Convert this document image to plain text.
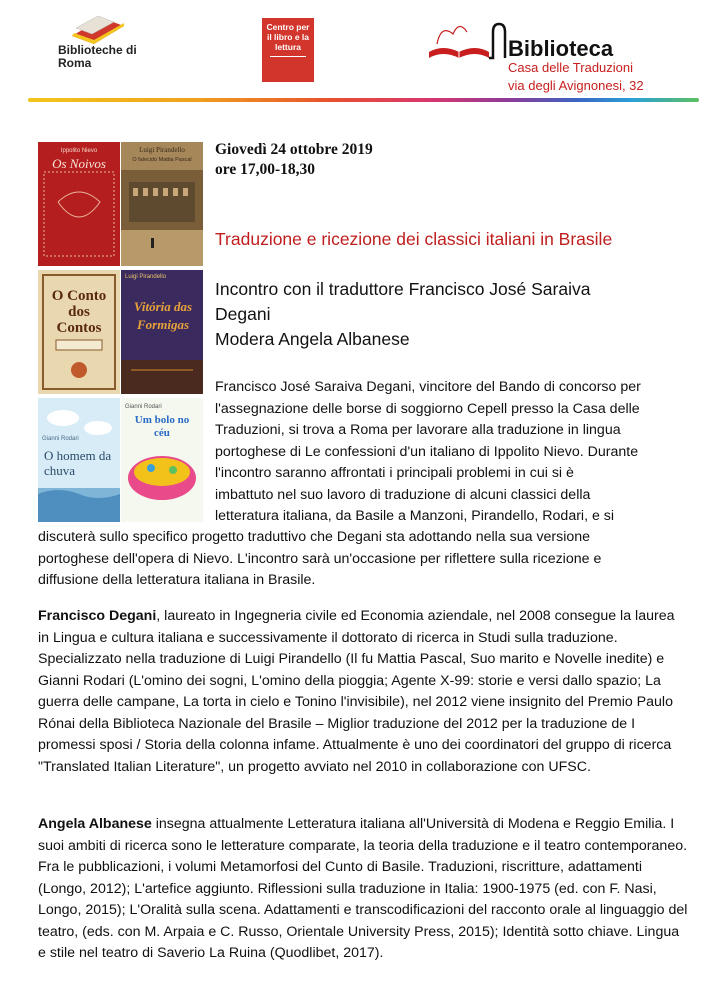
Biblioteche di Roma
Centro per il libro e la lettura	Biblioteca
Casa delle Traduzioni
via degli Avignonesi, 32
Ippolito Nievo
Os Noivos
Luigi Pirandello
O falecido Mattia Pascal
O Conto dos Contos
Luigi Pirandello
Vitória das Formigas
Gianni Rodari
O homem da chuva
Gianni Rodari
Um bolo no céu
Giovedì 24 ottobre 2019
ore 17,00-18,30
Traduzione e ricezione dei classici italiani in Brasile
Incontro con il traduttore Francisco José Saraiva
Degani
Modera Angela Albanese
Francisco José Saraiva Degani, vincitore del Bando di concorso per
l'assegnazione delle borse di soggiorno Cepell presso la Casa delle
Traduzioni, si trova a Roma per lavorare alla traduzione in lingua
portoghese di Le confessioni d'un italiano di Ippolito Nievo. Durante
l'incontro saranno affrontati i principali problemi in cui si è
imbattuto nel suo lavoro di traduzione di alcuni classici della
letteratura italiana, da Basile a Manzoni, Pirandello, Rodari, e si
discuterà sullo specifico progetto traduttivo che Degani sta adottando nella sua versione
portoghese dell'opera di Nievo. L'incontro sarà un'occasione per riflettere sulla ricezione e
diffusione della letteratura italiana in Brasile.
Francisco Degani, laureato in Ingegneria civile ed Economia aziendale, nel 2008 consegue la laurea in Lingua e cultura italiana e successivamente il dottorato di ricerca in Studi sulla traduzione. Specializzato nella traduzione di Luigi Pirandello (Il fu Mattia Pascal, Suo marito e Novelle inedite) e Gianni Rodari (L'omino dei sogni, L'omino della pioggia; Agente X-99: storie e versi dallo spazio; La guerra delle campane, La torta in cielo e Tonino l'invisibile), nel 2012 viene insignito del Premio Paulo Rónai della Biblioteca Nazionale del Brasile – Miglior traduzione del 2012 per la traduzione de I promessi sposi / Storia della colonna infame. Attualmente è uno dei coordinatori del gruppo di ricerca "Translated Italian Literature", un progetto avviato nel 2010 in collaborazione con UFSC.
Angela Albanese insegna attualmente Letteratura italiana all'Università di Modena e Reggio Emilia. I suoi ambiti di ricerca sono le letterature comparate, la teoria della traduzione e il teatro contemporaneo. Fra le pubblicazioni, i volumi Metamorfosi del Cunto di Basile. Traduzioni, riscritture, adattamenti (Longo, 2012); L'artefice aggiunto. Riflessioni sulla traduzione in Italia: 1900-1975 (ed. con F. Nasi, Longo, 2015); L'Oralità sulla scena. Adattamenti e transcodificazioni del racconto orale al linguaggio del teatro, (eds. con M. Arpaia e C. Russo, Orientale University Press, 2015); Identità sotto chiave. Lingua e stile nel teatro di Saverio La Ruina (Quodlibet, 2017).
